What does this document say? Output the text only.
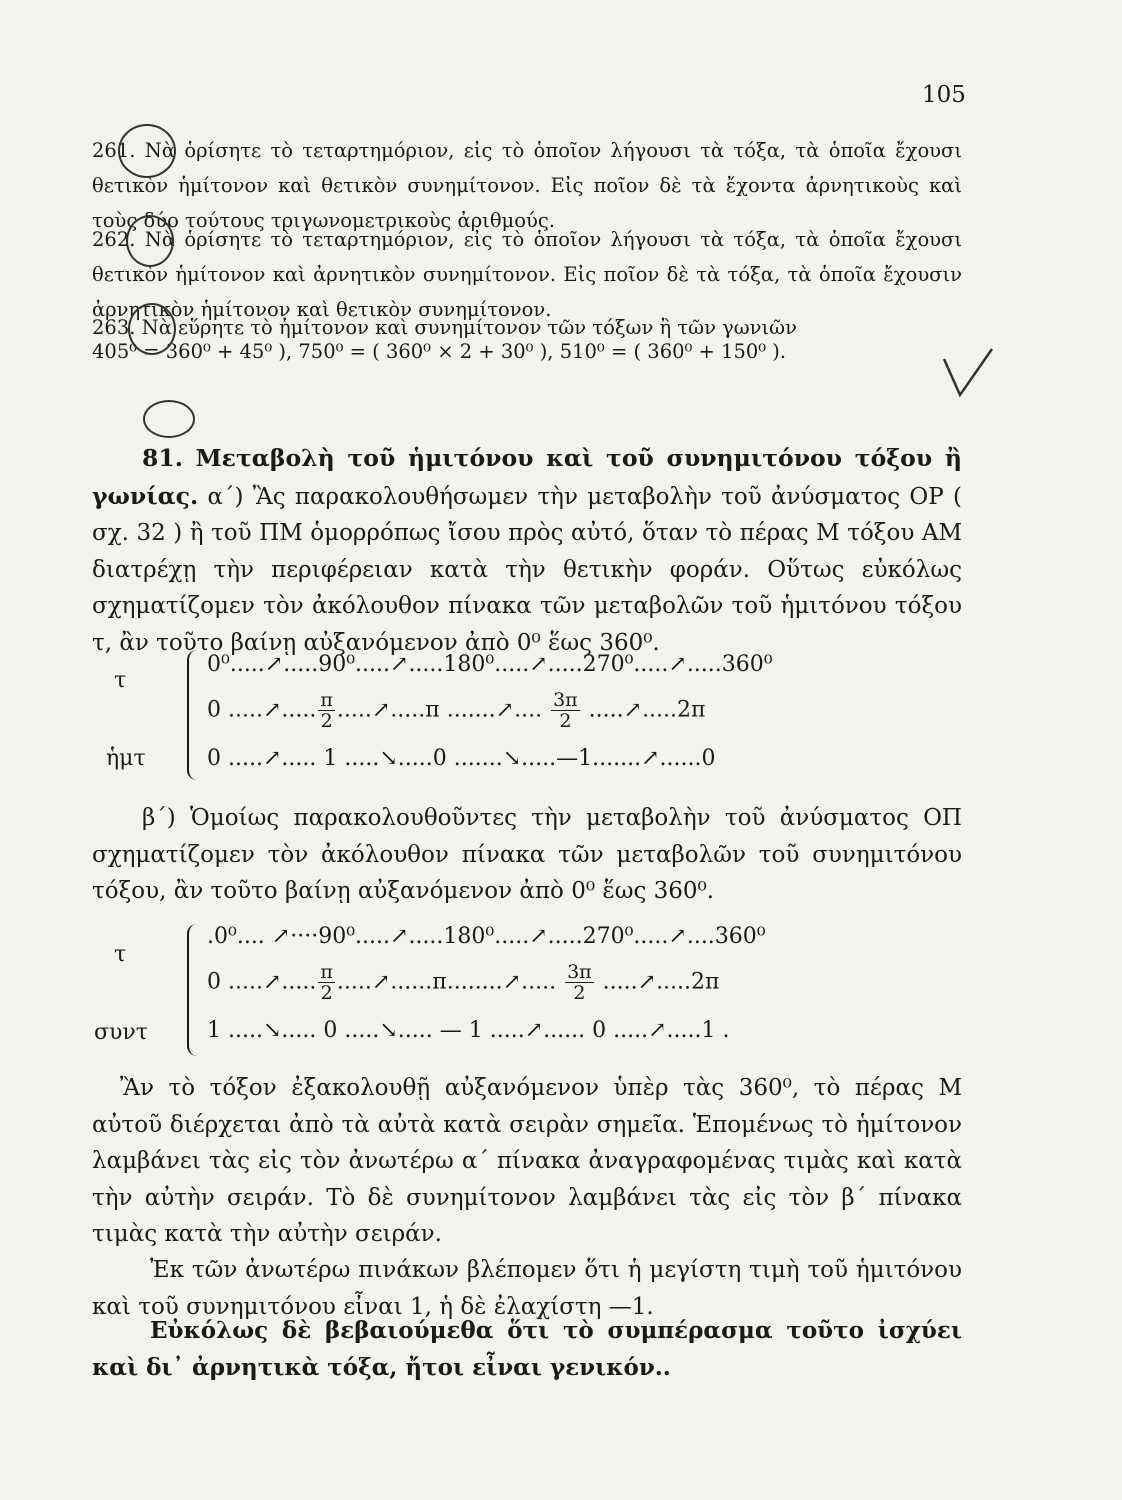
105
261. Νὰ ὁρίσητε τὸ τεταρτημόριον, εἰς τὸ ὁποῖον λήγουσι τὰ τόξα, τὰ ὁποῖα ἔχουσι θετικὸν ἡμίτονον καὶ θετικὸν συνημίτονον. Εἰς ποῖον δὲ τὰ ἔχοντα ἀρνητικοὺς καὶ τοὺς δύο τούτους τριγωνομετρικοὺς ἀριθμούς.
262. Νὰ ὁρίσητε τὸ τεταρτημόριον, εἰς τὸ ὁποῖον λήγουσι τὰ τόξα, τὰ ὁποῖα ἔχουσι θετικὸν ἡμίτονον καὶ ἀρνητικὸν συνημίτονον. Εἰς ποῖον δὲ τὰ τόξα, τὰ ὁποῖα ἔχουσιν ἀρνητικὸν ἡμίτονον καὶ θετικὸν συνημίτονον.
263. Νὰ εὕρητε τὸ ἡμίτονον καὶ συνημίτονον τῶν τόξων ἢ τῶν γωνιῶν
405⁰ = 360⁰ + 45⁰ ), 750⁰ = ( 360⁰ × 2 + 30⁰ ), 510⁰ = ( 360⁰ + 150⁰ ).
81. Μεταβολὴ τοῦ ἡμιτόνου καὶ τοῦ συνημιτόνου τόξου ἢ γωνίας. α΄) Ἂς παρακολουθήσωμεν τὴν μεταβολὴν τοῦ ἀνύσματος ΟΡ ( σχ. 32 ) ἢ τοῦ ΠΜ ὁμορρόπως ἴσου πρὸς αὐτό, ὅταν τὸ πέρας Μ τόξου ΑΜ διατρέχῃ τὴν περιφέρειαν κατὰ τὴν θετικὴν φοράν. Οὕτως εὐκόλως σχηματίζομεν τὸν ἀκόλουθον πίνακα τῶν μεταβολῶν τοῦ ἡμιτόνου τόξου τ, ἂν τοῦτο βαίνῃ αὐξανόμενον ἀπὸ 0⁰ ἕως 360⁰.
τ
ἡμτ
0⁰.....↗.....90⁰.....↗.....180⁰.....↗.....270⁰.....↗.....360⁰
0 .....↗..... $\frac{\pi}{2}$ .....↗.....π .......↗.... $\frac{3\pi}{2}$ .....↗.....2π
0 .....↗..... 1 .....↘.....0 .......↘.....—1.......↗......0
β΄) Ὁμοίως παρακολουθοῦντες τὴν μεταβολὴν τοῦ ἀνύσματος ΟΠ σχηματίζομεν τὸν ἀκόλουθον πίνακα τῶν μεταβολῶν τοῦ συνημιτόνου τόξου, ἂν τοῦτο βαίνῃ αὐξανόμενον ἀπὸ 0⁰ ἕως 360⁰.
τ
συντ
.0⁰.... ↗····90⁰.....↗.....180⁰.....↗.....270⁰.....↗....360⁰
0 .....↗..... $\frac{\pi}{2}$ .....↗......π........↗..... $\frac{3\pi}{2}$ .....↗.....2π
1 .....↘..... 0 .....↘..... — 1 .....↗...... 0 .....↗.....1 .
Ἂν τὸ τόξον ἐξακολουθῇ αὐξανόμενον ὑπὲρ τὰς 360⁰, τὸ πέρας Μ αὐτοῦ διέρχεται ἀπὸ τὰ αὐτὰ κατὰ σειρὰν σημεῖα. Ἑπομένως τὸ ἡμίτονον λαμβάνει τὰς εἰς τὸν ἀνωτέρω α΄ πίνακα ἀναγραφομένας τιμὰς καὶ κατὰ τὴν αὐτὴν σειράν. Τὸ δὲ συνημίτονον λαμβάνει τὰς εἰς τὸν β΄ πίνακα τιμὰς κατὰ τὴν αὐτὴν σειράν.
Ἐκ τῶν ἀνωτέρω πινάκων βλέπομεν ὅτι ἡ μεγίστη τιμὴ τοῦ ἡμιτόνου καὶ τοῦ συνημιτόνου εἶναι 1, ἡ δὲ ἐλαχίστη —1.
Εὐκόλως δὲ βεβαιούμεθα ὅτι τὸ συμπέρασμα τοῦτο ἰσχύει καὶ δι᾿ ἀρνητικὰ τόξα, ἤτοι εἶναι γενικόν..
